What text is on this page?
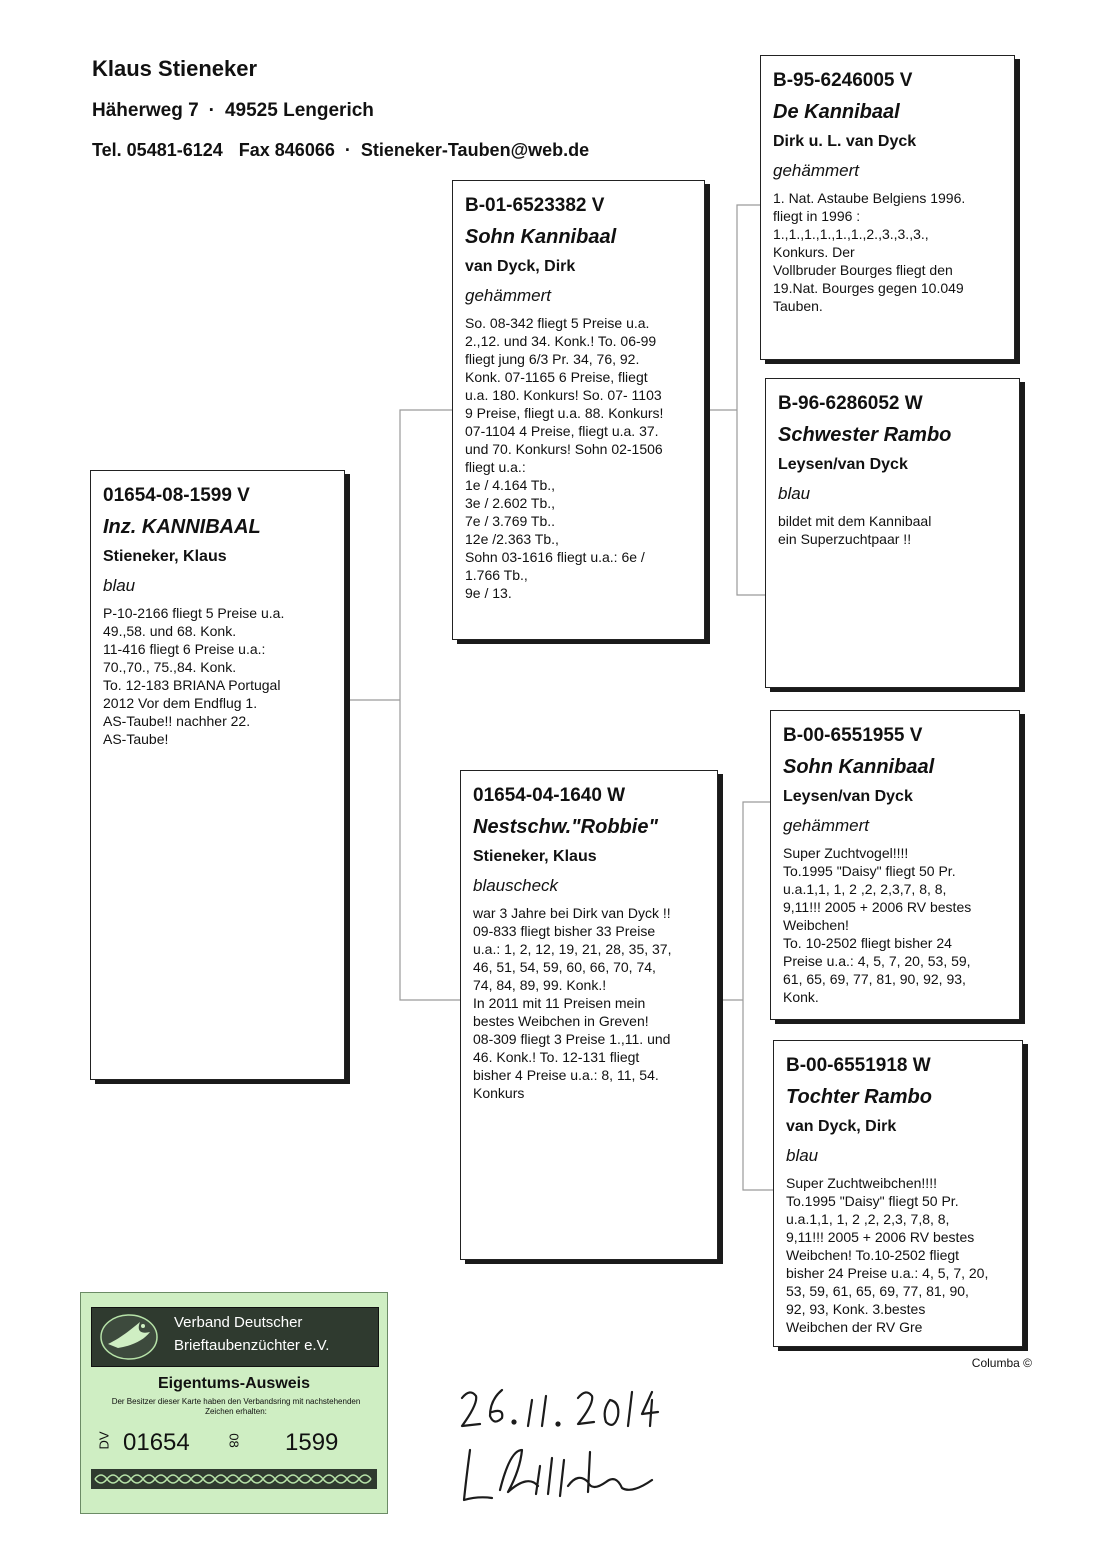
Klaus Stieneker
Häherweg 7 · 49525 Lengerich
Tel. 05481-6124 Fax 846066 · Stieneker-Tauben@web.de
01654-08-1599 V
Inz. KANNIBAAL
Stieneker, Klaus
blau
P-10-2166 fliegt 5 Preise u.a.
49.,58. und 68. Konk.
11-416 fliegt 6 Preise u.a.:
70.,70., 75.,84. Konk.
To. 12-183 BRIANA Portugal
2012 Vor dem Endflug 1.
AS-Taube!! nachher 22.
AS-Taube!
B-01-6523382 V
Sohn Kannibaal
van Dyck, Dirk
gehämmert
So. 08-342 fliegt 5 Preise u.a.
2.,12. und 34. Konk.! To. 06-99
fliegt jung 6/3 Pr. 34, 76, 92.
Konk. 07-1165 6 Preise, fliegt
u.a. 180. Konkurs! So. 07- 1103
9 Preise, fliegt u.a. 88. Konkurs!
07-1104 4 Preise, fliegt u.a. 37.
und 70. Konkurs! Sohn 02-1506
fliegt u.a.:
1e / 4.164 Tb.,
3e / 2.602 Tb.,
7e / 3.769 Tb..
12e /2.363 Tb.,
Sohn 03-1616 fliegt u.a.: 6e /
1.766 Tb.,
9e / 13.
01654-04-1640 W
Nestschw."Robbie"
Stieneker, Klaus
blauscheck
war 3 Jahre bei Dirk van Dyck !!
09-833 fliegt bisher 33 Preise
u.a.: 1, 2, 12, 19, 21, 28, 35, 37,
46, 51, 54, 59, 60, 66, 70, 74,
74, 84, 89, 99. Konk.!
In 2011 mit 11 Preisen mein
bestes Weibchen in Greven!
08-309 fliegt 3 Preise 1.,11. und
46. Konk.! To. 12-131 fliegt
bisher 4 Preise u.a.: 8, 11, 54.
Konkurs
B-95-6246005 V
De Kannibaal
Dirk u. L. van Dyck
gehämmert
1. Nat. Astaube Belgiens 1996.
fliegt in 1996 :
1.,1.,1.,1.,1.,1.,2.,3.,3.,3.,
Konkurs. Der
Vollbruder Bourges fliegt den
19.Nat. Bourges gegen 10.049
Tauben.
B-96-6286052 W
Schwester Rambo
Leysen/van Dyck
blau
bildet mit dem Kannibaal
ein Superzuchtpaar !!
B-00-6551955 V
Sohn Kannibaal
Leysen/van Dyck
gehämmert
Super Zuchtvogel!!!!
To.1995 "Daisy" fliegt 50 Pr.
u.a.1,1, 1, 2 ,2, 2,3,7, 8, 8,
9,11!!! 2005 + 2006 RV bestes
Weibchen!
To. 10-2502 fliegt bisher 24
Preise u.a.: 4, 5, 7, 20, 53, 59,
61, 65, 69, 77, 81, 90, 92, 93,
Konk.
B-00-6551918 W
Tochter Rambo
van Dyck, Dirk
blau
Super Zuchtweibchen!!!!
To.1995 "Daisy" fliegt 50 Pr.
u.a.1,1, 1, 2 ,2, 2,3, 7,8, 8,
9,11!!! 2005 + 2006 RV bestes
Weibchen! To.10-2502 fliegt
bisher 24 Preise u.a.: 4, 5, 7, 20,
53, 59, 61, 65, 69, 77, 81, 90,
92, 93, Konk. 3.bestes
Weibchen der RV Gre
Columba ©
Verband Deutscher
Brieftaubenzüchter e.V.
Eigentums-Ausweis
Der Besitzer dieser Karte haben den Verbandsring mit nachstehenden Zeichen erhalten:
DV 01654	08 1599
